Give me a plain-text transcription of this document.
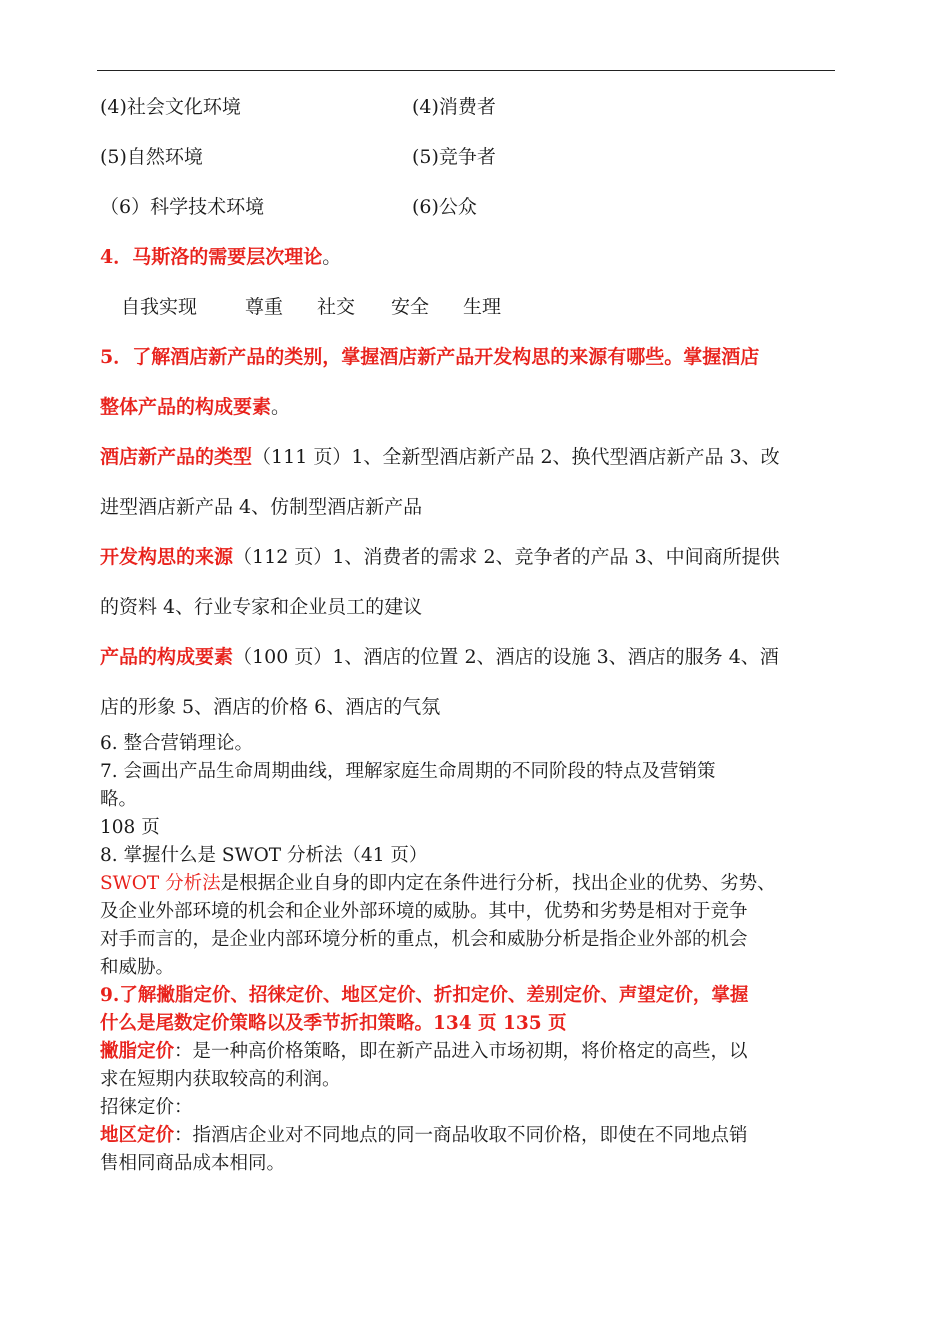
(4)社会文化环境	(4)消费者
(5)自然环境	(5)竞争者
（6）科学技术环境	(6)公众
4．马斯洛的需要层次理论。
自我实现	尊重 社交 安全 生理
5．了解酒店新产品的类别，掌握酒店新产品开发构思的来源有哪些。掌握酒店
整体产品的构成要素。
酒店新产品的类型（111 页）1、全新型酒店新产品 2、换代型酒店新产品 3、改
进型酒店新产品 4、仿制型酒店新产品
开发构思的来源（112 页）1、消费者的需求 2、竞争者的产品 3、中间商所提供
的资料 4、行业专家和企业员工的建议
产品的构成要素（100 页）1、酒店的位置 2、酒店的设施 3、酒店的服务 4、酒
店的形象 5、酒店的价格 6、酒店的气氛

6. 整合营销理论。

7. 会画出产品生命周期曲线，理解家庭生命周期的不同阶段的特点及营销策

略。

108 页

8. 掌握什么是 SWOT 分析法（41 页）

SWOT 分析法是根据企业自身的即内定在条件进行分析，找出企业的优势、劣势、

及企业外部环境的机会和企业外部环境的威胁。其中，优势和劣势是相对于竞争

对手而言的，是企业内部环境分析的重点，机会和威胁分析是指企业外部的机会

和威胁。

9.了解撇脂定价、招徕定价、地区定价、折扣定价、差别定价、声望定价，掌握

什么是尾数定价策略以及季节折扣策略。134 页 135 页

撇脂定价：是一种高价格策略，即在新产品进入市场初期，将价格定的高些，以

求在短期内获取较高的利润。

招徕定价：

地区定价：指酒店企业对不同地点的同一商品收取不同价格，即使在不同地点销

售相同商品成本相同。
